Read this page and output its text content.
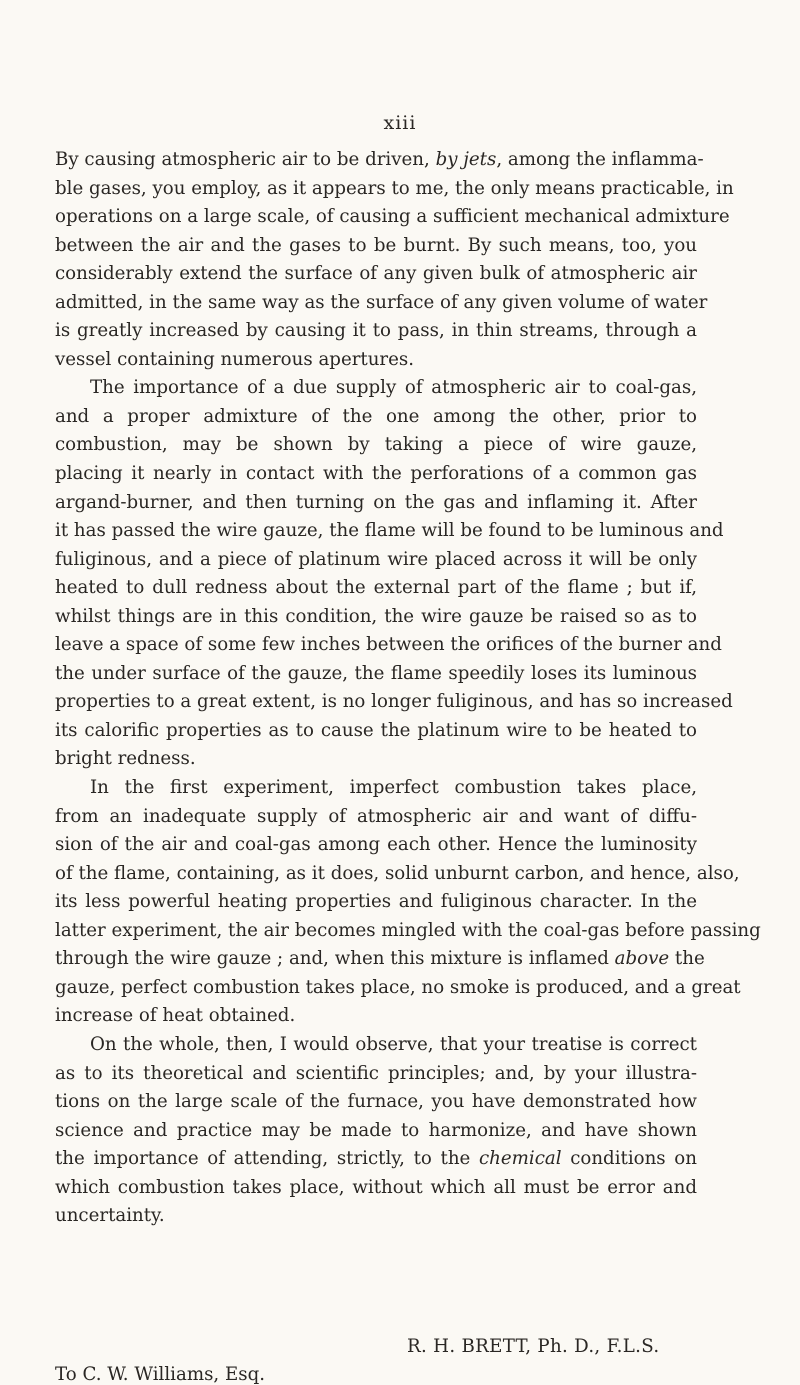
xiii
By causing atmospheric air to be driven, by jets, among the inflamma-
ble gases, you employ, as it appears to me, the only means practicable, in
operations on a large scale, of causing a sufficient mechanical admixture
between the air and the gases to be burnt. By such means, too, you
considerably extend the surface of any given bulk of atmospheric air
admitted, in the same way as the surface of any given volume of water
is greatly increased by causing it to pass, in thin streams, through a
vessel containing numerous apertures.
The importance of a due supply of atmospheric air to coal-gas,
and a proper admixture of the one among the other, prior to
combustion, may be shown by taking a piece of wire gauze,
placing it nearly in contact with the perforations of a common gas
argand-burner, and then turning on the gas and inflaming it. After
it has passed the wire gauze, the flame will be found to be luminous and
fuliginous, and a piece of platinum wire placed across it will be only
heated to dull redness about the external part of the flame ; but if,
whilst things are in this condition, the wire gauze be raised so as to
leave a space of some few inches between the orifices of the burner and
the under surface of the gauze, the flame speedily loses its luminous
properties to a great extent, is no longer fuliginous, and has so increased
its calorific properties as to cause the platinum wire to be heated to
bright redness.
In the first experiment, imperfect combustion takes place,
from an inadequate supply of atmospheric air and want of diffu-
sion of the air and coal-gas among each other. Hence the luminosity
of the flame, containing, as it does, solid unburnt carbon, and hence, also,
its less powerful heating properties and fuliginous character. In the
latter experiment, the air becomes mingled with the coal-gas before passing
through the wire gauze ; and, when this mixture is inflamed above the
gauze, perfect combustion takes place, no smoke is produced, and a great
increase of heat obtained.
On the whole, then, I would observe, that your treatise is correct
as to its theoretical and scientific principles; and, by your illustra-
tions on the large scale of the furnace, you have demonstrated how
science and practice may be made to harmonize, and have shown
the importance of attending, strictly, to the chemical conditions on
which combustion takes place, without which all must be error and
uncertainty.
R. H. BRETT, Ph. D., F.L.S.
To C. W. Williams, Esq.
